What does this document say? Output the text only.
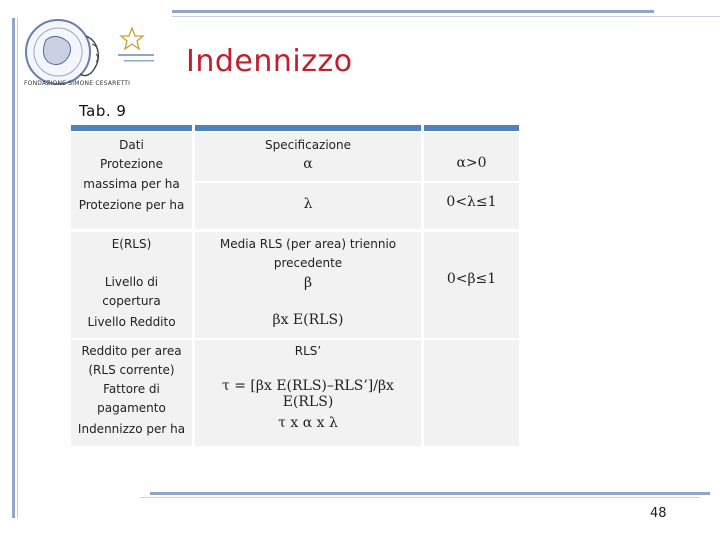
FONDAZIONE SIMONE CESARETTI
Indennizzo
Tab. 9
Dati
Protezione
massima per ha
Protezione per ha
E(RLS)
Livello di
copertura
Livello Reddito
Reddito per area
(RLS corrente)
Fattore di
pagamento
Indennizzo per ha
Specificazione
α
λ
Media RLS (per area) triennio
precedente
β
βx E(RLS)
RLS’
τ = [βx E(RLS)–RLS’]/βx E(RLS)
τ x α x λ
α>0
0<λ≤1
0<β≤1
48
